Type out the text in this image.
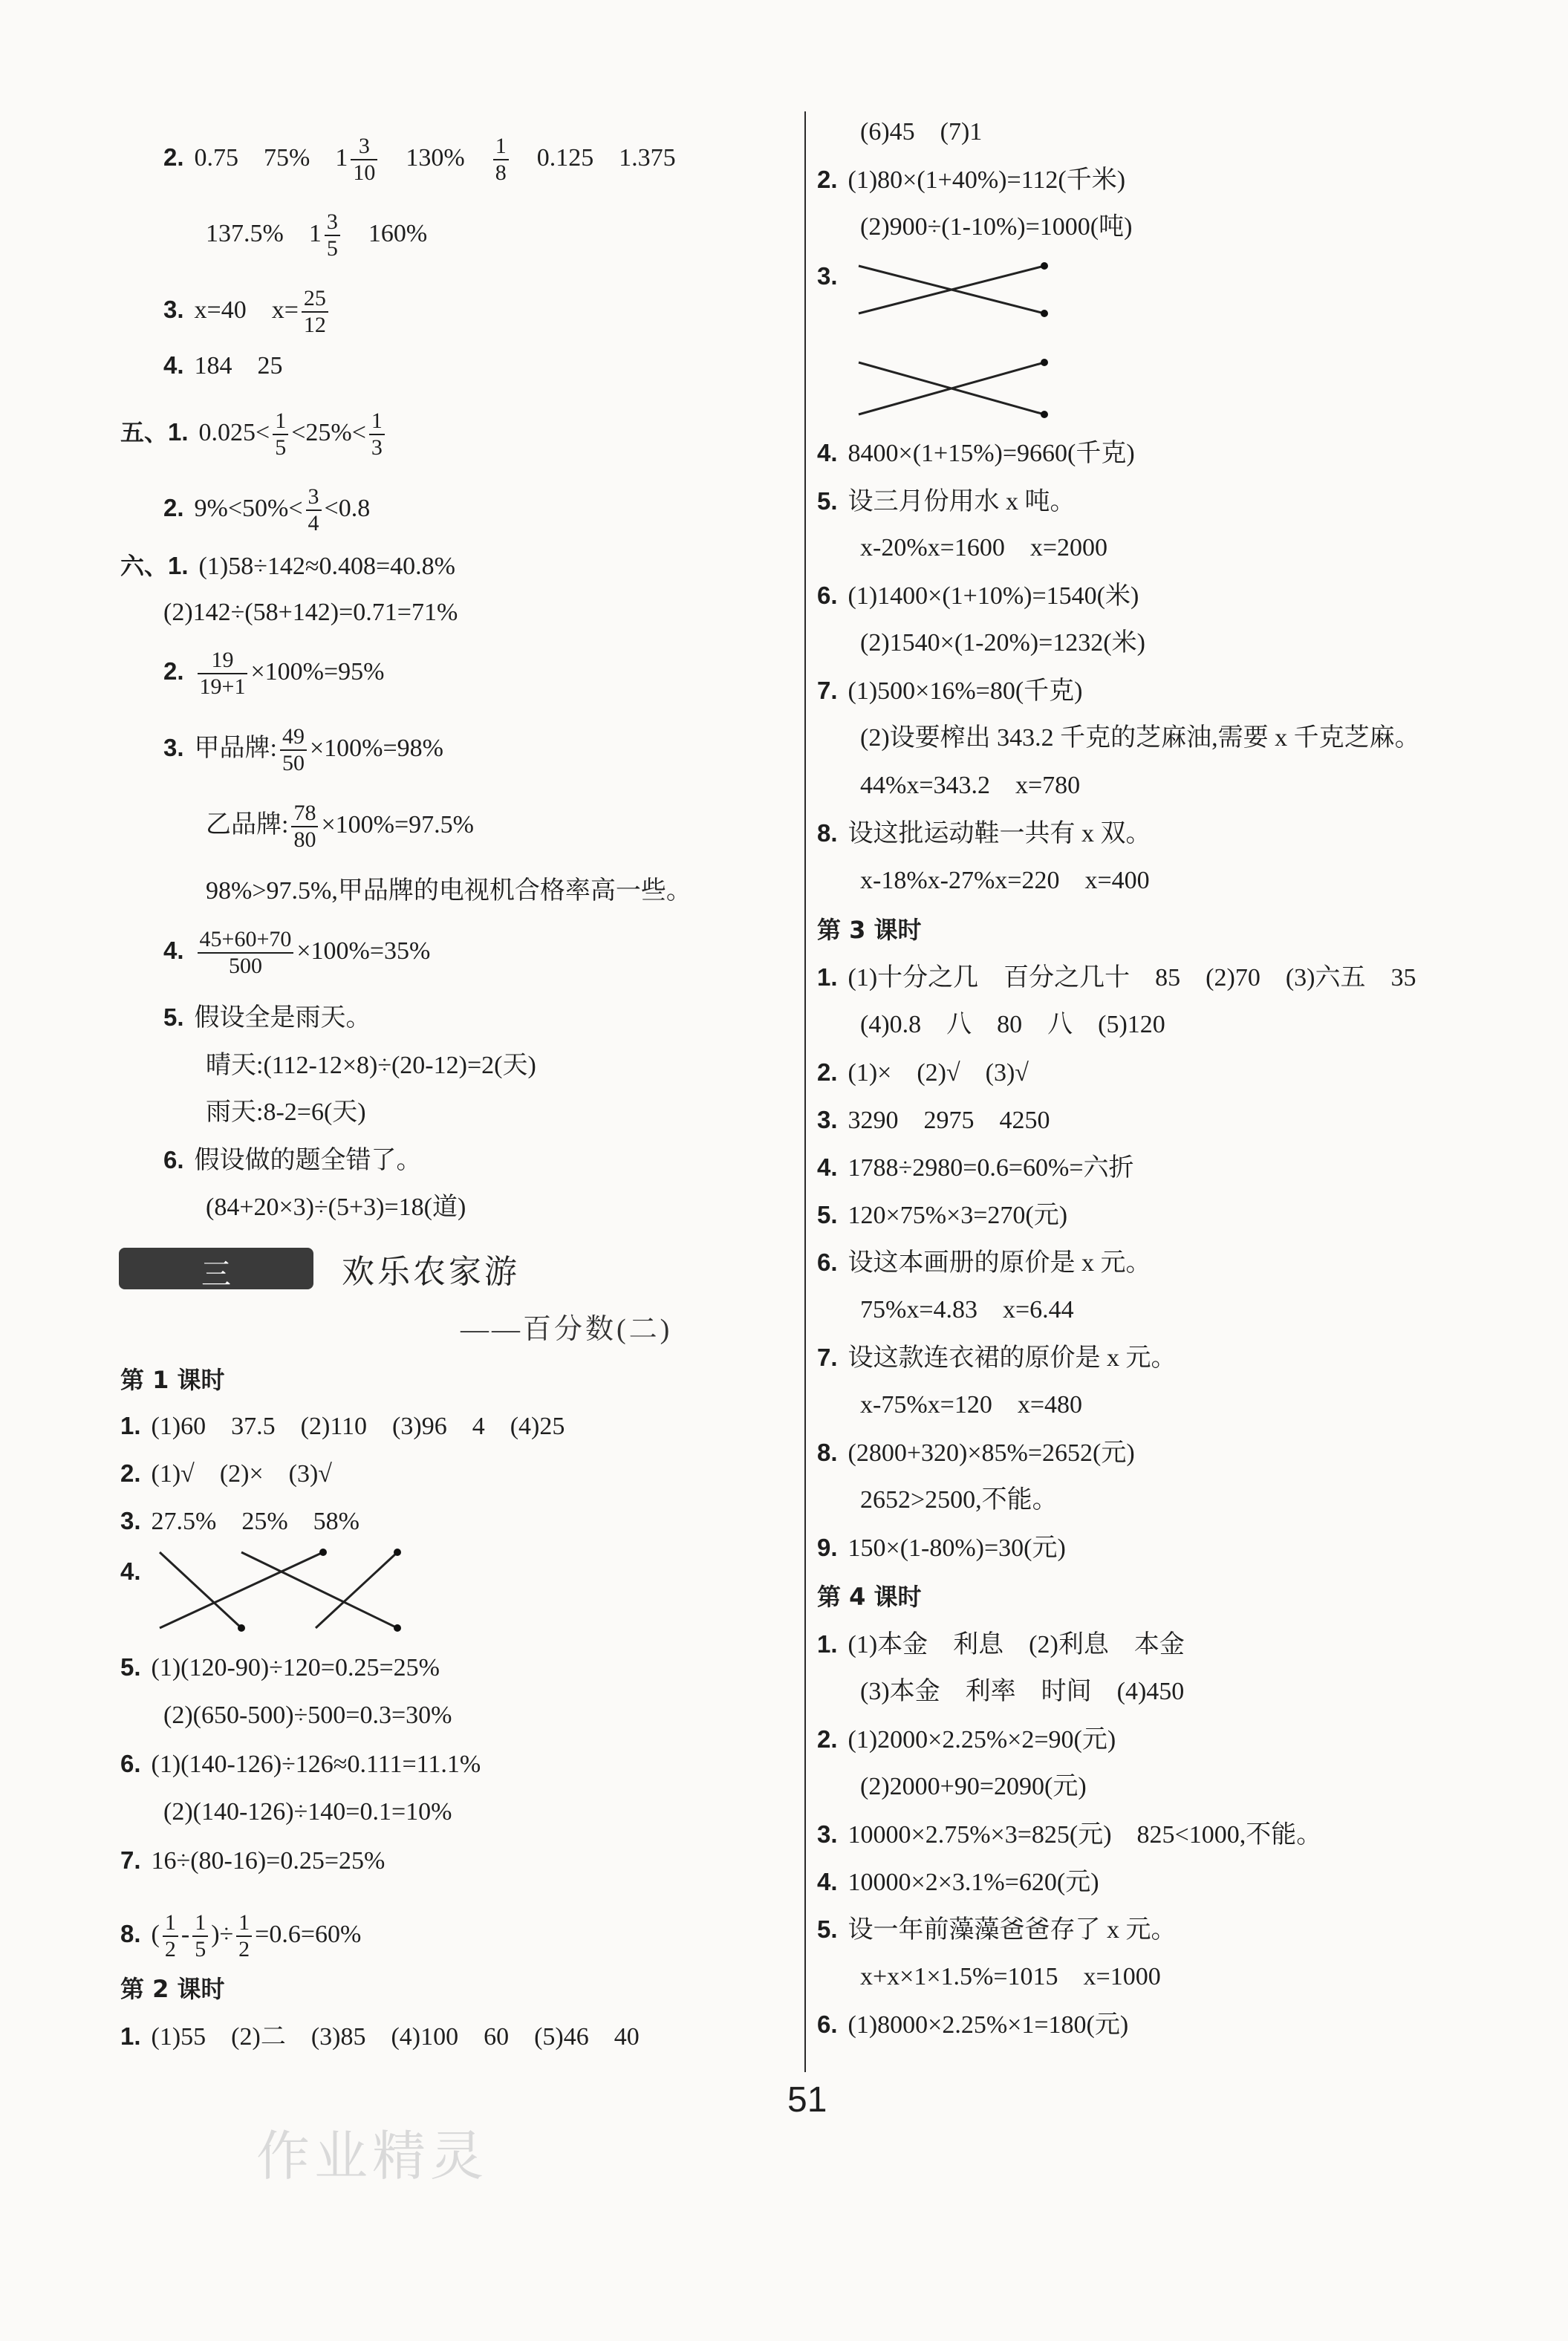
2. 0.75　75%　$1 \frac{3}{10}$
　 130%　 $\frac{1}{8}$
　 0.125　1.375
137.5%　$1 \frac{3}{5}$
　 160%
3. x=40　$x= \frac{25}{12}$
4. 184　25
五、1. $0.025< \frac{1}{5} <25\%< \frac{1}{3}$
2. $9\%<50\%< \frac{3}{4} <0.8$
六、1. (1)58÷142≈0.408=40.8%
(2)142÷(58+142)=0.71=71%
2. $\frac{19}{19+1} \times 100\%=95\%$
3. 甲品牌: $\frac{49}{50} \times 100\%=98\%$
乙品牌: $\frac{78}{80} \times 100\%=97.5\%$
98%>97.5%,甲品牌的电视机合格率高一些。
4. $\frac{45+60+70}{500} \times 100\%=35\%$
5. 假设全是雨天。
晴天:(112-12×8)÷(20-12)=2(天)
雨天:8-2=6(天)
6. 假设做的题全错了。
(84+20×3)÷(5+3)=18(道)
三	欢乐农家游
——百分数(二)
第 1 课时
1. (1)60　37.5　(2)110　(3)96　4　(4)25
2. (1)√　(2)×　(3)√
3. 27.5%　25%　58%
4.
5. (1)(120-90)÷120=0.25=25%
(2)(650-500)÷500=0.3=30%
6. (1)(140-126)÷126≈0.111=11.1%
(2)(140-126)÷140=0.1=10%
7. 16÷(80-16)=0.25=25%
8. ( $\frac{1}{2} - \frac{1}{5}$ )÷ $\frac{1}{2} =0.6=60\%$
第 2 课时
1. (1)55　(2)二　(3)85　(4)100　60　(5)46　40
(6)45　(7)1
2. (1)80×(1+40%)=112(千米)
(2)900÷(1-10%)=1000(吨)
3.
4. 8400×(1+15%)=9660(千克)
5. 设三月份用水 x 吨。
x-20%x=1600　x=2000
6. (1)1400×(1+10%)=1540(米)
(2)1540×(1-20%)=1232(米)
7. (1)500×16%=80(千克)
(2)设要榨出 343.2 千克的芝麻油,需要 x 千克芝麻。
44%x=343.2　x=780
8. 设这批运动鞋一共有 x 双。
x-18%x-27%x=220　x=400
第 3 课时
1. (1)十分之几　百分之几十　85　(2)70　(3)六五　35
(4)0.8　八　80　八　(5)120
2. (1)×　(2)√　(3)√
3. 3290　2975　4250
4. 1788÷2980=0.6=60%=六折
5. 120×75%×3=270(元)
6. 设这本画册的原价是 x 元。
75%x=4.83　x=6.44
7. 设这款连衣裙的原价是 x 元。
x-75%x=120　x=480
8. (2800+320)×85%=2652(元)
2652>2500,不能。
9. 150×(1-80%)=30(元)
第 4 课时
1. (1)本金　利息　(2)利息　本金
(3)本金　利率　时间　(4)450
2. (1)2000×2.25%×2=90(元)
(2)2000+90=2090(元)
3. 10000×2.75%×3=825(元)　825<1000,不能。
4. 10000×2×3.1%=620(元)
5. 设一年前藻藻爸爸存了 x 元。
x+x×1×1.5%=1015　x=1000
6. (1)8000×2.25%×1=180(元)
51
作业精灵
